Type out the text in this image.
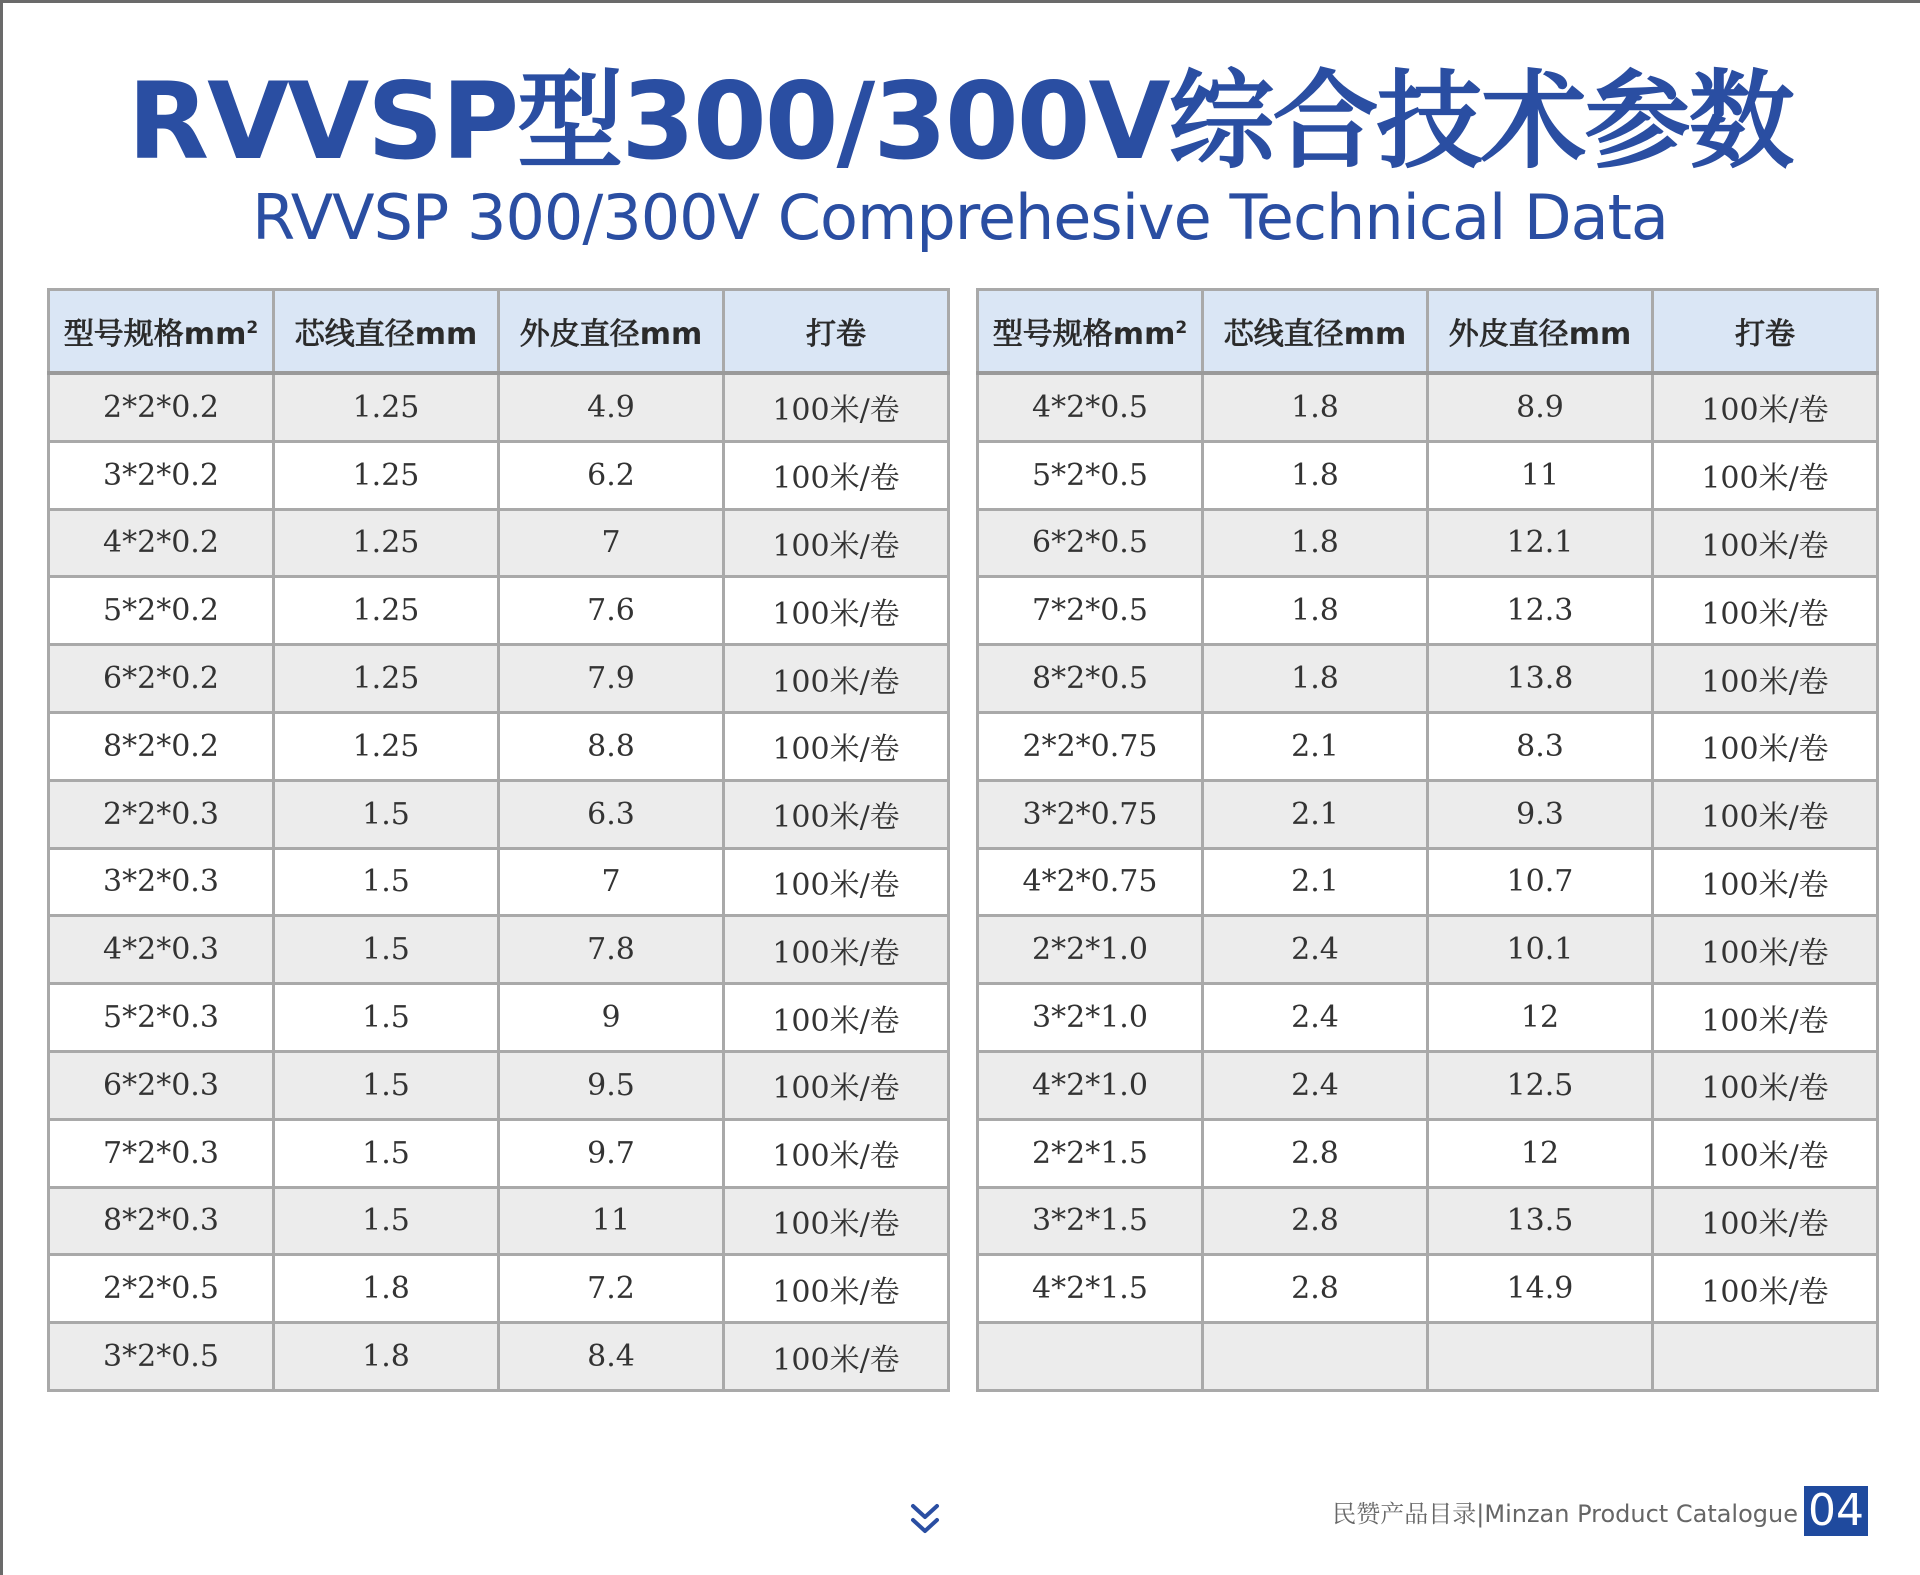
RVVSP型300/300V综合技术参数
RVVSP 300/300V Comprehesive Technical Data
型号规格$mm^2$	芯线直径mm	外皮直径mm	打卷
2*2*0.2	1.25	4.9	100米/卷
3*2*0.2	1.25	6.2	100米/卷
4*2*0.2	1.25	7	100米/卷
5*2*0.2	1.25	7.6	100米/卷
6*2*0.2	1.25	7.9	100米/卷
8*2*0.2	1.25	8.8	100米/卷
2*2*0.3	1.5	6.3	100米/卷
3*2*0.3	1.5	7	100米/卷
4*2*0.3	1.5	7.8	100米/卷
5*2*0.3	1.5	9	100米/卷
6*2*0.3	1.5	9.5	100米/卷
7*2*0.3	1.5	9.7	100米/卷
8*2*0.3	1.5	11	100米/卷
2*2*0.5	1.8	7.2	100米/卷
3*2*0.5	1.8	8.4	100米/卷
型号规格$mm^2$	芯线直径mm	外皮直径mm	打卷
4*2*0.5	1.8	8.9	100米/卷
5*2*0.5	1.8	11	100米/卷
6*2*0.5	1.8	12.1	100米/卷
7*2*0.5	1.8	12.3	100米/卷
8*2*0.5	1.8	13.8	100米/卷
2*2*0.75	2.1	8.3	100米/卷
3*2*0.75	2.1	9.3	100米/卷
4*2*0.75	2.1	10.7	100米/卷
2*2*1.0	2.4	10.1	100米/卷
3*2*1.0	2.4	12	100米/卷
4*2*1.0	2.4	12.5	100米/卷
2*2*1.5	2.8	12	100米/卷
3*2*1.5	2.8	13.5	100米/卷
4*2*1.5	2.8	14.9	100米/卷

民赞产品目录|Minzan Product Catalogue 04
